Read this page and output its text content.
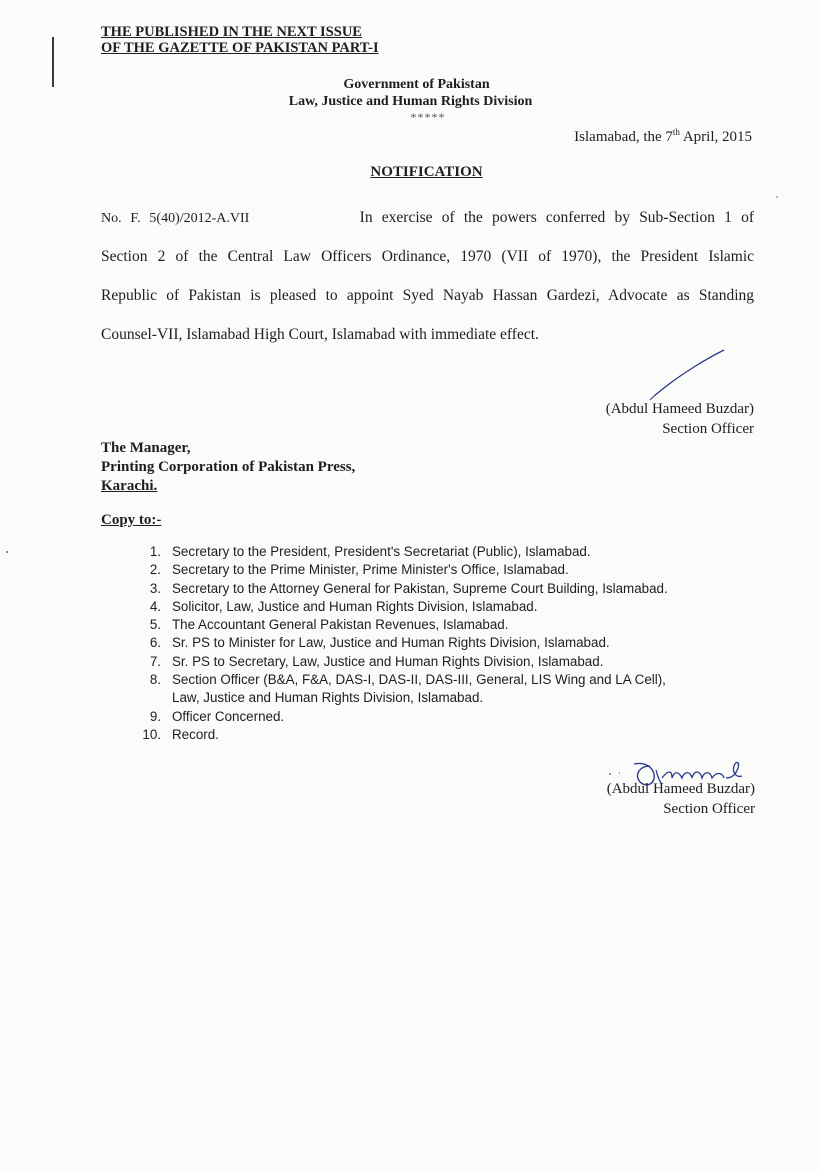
THE PUBLISHED IN THE NEXT ISSUE
OF THE GAZETTE OF PAKISTAN PART-I
Government of Pakistan
Law, Justice and Human Rights Division
*****
Islamabad, the 7th April, 2015
NOTIFICATION
No. F. 5(40)/2012-A.VII	In exercise of the powers conferred by Sub-Section 1 of
Section 2 of the Central Law Officers Ordinance, 1970 (VII of 1970), the President Islamic
Republic of Pakistan is pleased to appoint Syed Nayab Hassan Gardezi, Advocate as Standing
Counsel-VII, Islamabad High Court, Islamabad with immediate effect.
(Abdul Hameed Buzdar)
Section Officer
The Manager,
Printing Corporation of Pakistan Press,
Karachi.
Copy to:-
1. Secretary to the President, President's Secretariat (Public), Islamabad.
2. Secretary to the Prime Minister, Prime Minister's Office, Islamabad.
3. Secretary to the Attorney General for Pakistan, Supreme Court Building, Islamabad.
4. Solicitor, Law, Justice and Human Rights Division, Islamabad.
5. The Accountant General Pakistan Revenues, Islamabad.
6. Sr. PS to Minister for Law, Justice and Human Rights Division, Islamabad.
7. Sr. PS to Secretary, Law, Justice and Human Rights Division, Islamabad.
8. Section Officer (B&A, F&A, DAS-I, DAS-II, DAS-III, General, LIS Wing and LA Cell),
Law, Justice and Human Rights Division, Islamabad.
9. Officer Concerned.
10. Record.
(Abdul Hameed Buzdar)
Section Officer
